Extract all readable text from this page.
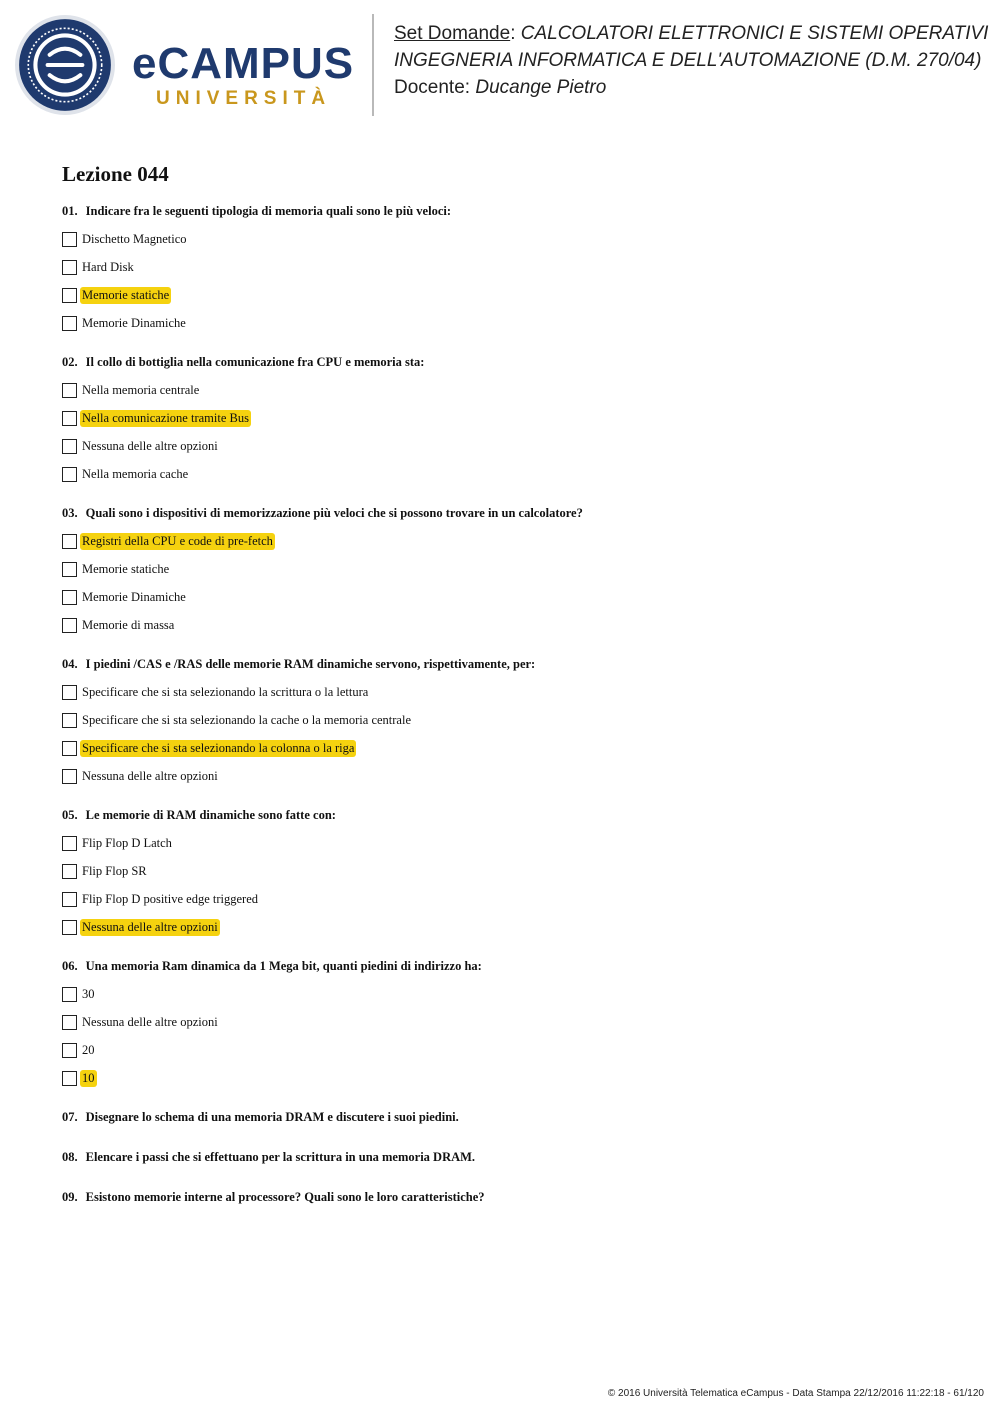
eCAMPUS
UNIVERSITÀ
Set Domande: CALCOLATORI ELETTRONICI E SISTEMI OPERATIVI
INGEGNERIA INFORMATICA E DELL'AUTOMAZIONE (D.M. 270/04)
Docente: Ducange Pietro
Lezione 044
01. Indicare fra le seguenti tipologia di memoria quali sono le più veloci:
Dischetto Magnetico
Hard Disk
Memorie statiche
Memorie Dinamiche
02. Il collo di bottiglia nella comunicazione fra CPU e memoria sta:
Nella memoria centrale
Nella comunicazione tramite Bus
Nessuna delle altre opzioni
Nella memoria cache
03. Quali sono i dispositivi di memorizzazione più veloci che si possono trovare in un calcolatore?
Registri della CPU e code di pre-fetch
Memorie statiche
Memorie Dinamiche
Memorie di massa
04. I piedini /CAS e /RAS delle memorie RAM dinamiche servono, rispettivamente, per:
Specificare che si sta selezionando la scrittura o la lettura
Specificare che si sta selezionando la cache o la memoria centrale
Specificare che si sta selezionando la colonna o la riga
Nessuna delle altre opzioni
05. Le memorie di RAM dinamiche sono fatte con:
Flip Flop D Latch
Flip Flop SR
Flip Flop D positive edge triggered
Nessuna delle altre opzioni
06. Una memoria Ram dinamica da 1 Mega bit, quanti piedini di indirizzo ha:
30
Nessuna delle altre opzioni
20
10
07. Disegnare lo schema di una memoria DRAM e discutere i suoi piedini.
08. Elencare i passi che si effettuano per la scrittura in una memoria DRAM.
09. Esistono memorie interne al processore? Quali sono le loro caratteristiche?
© 2016 Università Telematica eCampus - Data Stampa 22/12/2016 11:22:18 - 61/120
